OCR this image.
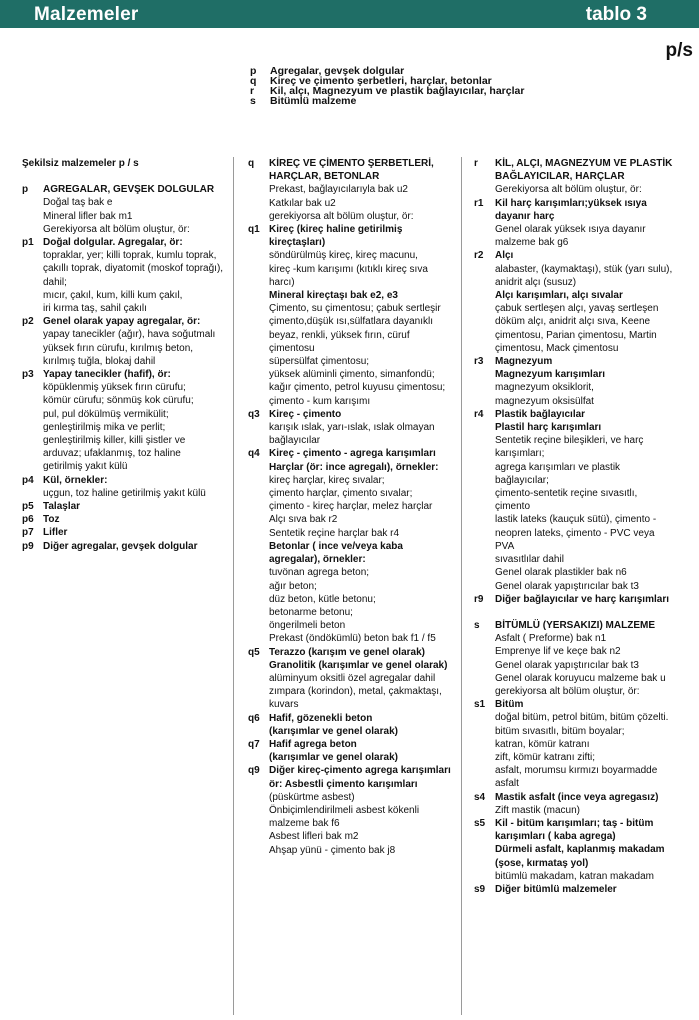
Malzemeler	tablo 3
p/s
p	Agregalar, gevşek dolgular
q	Kireç ve çimento şerbetleri, harçlar, betonlar
r	Kil, alçı, Magnezyum ve plastik bağlayıcılar, harçlar
s	Bitümlü malzeme
Şekilsiz malzemeler p / s
p	AGREGALAR, GEVŞEK DOLGULAR
Doğal taş bak e
Mineral lifler bak m1
Gerekiyorsa alt bölüm oluştur, ör:
p1 Doğal dolgular. Agregalar, ör:
topraklar, yer; killi toprak, kumlu toprak,
çakıllı toprak, diyatomit (moskof toprağı),
dahil;
mıcır, çakıl, kum, killi kum çakıl,
iri kırma taş, sahil çakılı
p2 Genel olarak yapay agregalar, ör:
yapay tanecikler (ağır), hava soğutmalı
yüksek fırın cürufu, kırılmış beton,
kırılmış tuğla, blokaj dahil
p3 Yapay tanecikler (hafif), ör:
köpüklenmiş yüksek fırın cürufu;
kömür cürufu; sönmüş kok cürufu;
pul, pul dökülmüş vermikülit;
genleştirilmiş mika ve perlit;
genleştirilmiş killer, killi şistler ve
arduvaz; ufaklanmış, toz haline
getirilmiş yakıt külü
p4 Kül, örnekler:
uçgun, toz haline getirilmiş yakıt külü
p5 Talaşlar
p6 Toz
p7 Lifler
p9 Diğer agregalar, gevşek dolgular
q	KİREÇ VE ÇİMENTO ŞERBETLERİ,
HARÇLAR, BETONLAR
Prekast, bağlayıcılarıyla bak u2
Katkılar bak u2
gerekiyorsa alt bölüm oluştur, ör:
q1 Kireç (kireç haline getirilmiş kireçtaşları)
söndürülmüş kireç, kireç macunu,
kireç -kum karışımı (kıtıklı kireç sıva
harcı)
Mineral kireçtaşı bak e2, e3
Çimento, su çimentosu; çabuk sertleşir
çimento,düşük ısı,sülfatlara dayanıklı
beyaz, renkli, yüksek fırın, cüruf
çimentosu
süpersülfat çimentosu;
yüksek alüminli çimento, simanfondü;
kağır çimento, petrol kuyusu çimentosu;
çimento - kum karışımı
q3 Kireç - çimento
karışık ıslak, yarı-ıslak, ıslak olmayan
bağlayıcılar
q4 Kireç - çimento - agrega karışımları
Harçlar (ör: ince agregalı), örnekler:
kireç harçlar, kireç sıvalar;
çimento harçlar, çimento sıvalar;
çimento - kireç harçlar, melez harçlar
Alçı sıva bak r2
Sentetik reçine harçlar bak r4
Betonlar ( ince ve/veya kaba
agregalar), örnekler:
tuvönan agrega beton;
ağır beton;
düz beton, kütle betonu;
betonarme betonu;
öngerilmeli beton
Prekast (öndökümlü) beton bak f1 / f5
q5 Terazzo (karışım ve genel olarak)
Granolitik (karışımlar ve genel olarak)
alüminyum oksitli özel agregalar dahil
zımpara (korindon), metal, çakmaktaşı,
kuvars
q6 Hafif, gözenekli beton
(karışımlar ve genel olarak)
q7 Hafif agrega beton
(karışımlar ve genel olarak)
q9 Diğer kireç-çimento agrega karışımları
ör: Asbestli çimento karışımları
(püskürtme asbest)
Önbiçimlendirilmeli asbest kökenli
malzeme bak f6
Asbest lifleri bak m2
Ahşap yünü - çimento bak j8
r	KİL, ALÇI, MAGNEZYUM VE PLASTİK
BAĞLAYICILAR, HARÇLAR
Gerekiyorsa alt bölüm oluştur, ör:
r1	Kil harç karışımları;yüksek ısıya
dayanır harç
Genel olarak yüksek ısıya dayanır
malzeme bak g6
r2	Alçı
alabaster, (kaymaktaşı), stük (yarı sulu),
anidrit alçı (susuz)
Alçı karışımları, alçı sıvalar
çabuk sertleşen alçı, yavaş sertleşen
döküm alçı, anidrit alçı sıva, Keene
çimentosu, Parian çimentosu, Martin
çimentosu, Mack çimentosu
r3	Magnezyum
Magnezyum karışımları
magnezyum oksiklorit,
magnezyum oksisülfat
r4	Plastik bağlayıcılar
Plastil harç karışımları
Sentetik reçine bileşikleri, ve harç
karışımları;
agrega karışımları ve plastik
bağlayıcılar;
çimento-sentetik reçine sıvasıtlı,
çimento
lastik lateks (kauçuk sütü), çimento -
neopren lateks, çimento - PVC veya
PVA
sıvasıtlılar dahil
Genel olarak plastikler bak n6
Genel olarak yapıştırıcılar bak t3
r9	Diğer bağlayıcılar ve harç karışımları
s	BİTÜMLÜ (YERSAKIZI) MALZEME
Asfalt ( Preforme) bak n1
Emprenye lif ve keçe bak n2
Genel olarak yapıştırıcılar bak t3
Genel olarak koruyucu malzeme bak u
gerekiyorsa alt bölüm oluştur, ör:
s1 Bitüm
doğal bitüm, petrol bitüm, bitüm çözelti.
bitüm sıvasıtlı, bitüm boyalar;
katran, kömür katranı
zift, kömür katranı zifti;
asfalt, morumsu kırmızı boyarmadde
asfalt
s4 Mastik asfalt (ince veya agregasız)
Zift mastik (macun)
s5 Kil - bitüm karışımları; taş - bitüm
karışımları ( kaba agrega)
Dürmeli asfalt, kaplanmış makadam
(şose, kırmataş yol)
bitümlü makadam, katran makadam
s9 Diğer bitümlü malzemeler
